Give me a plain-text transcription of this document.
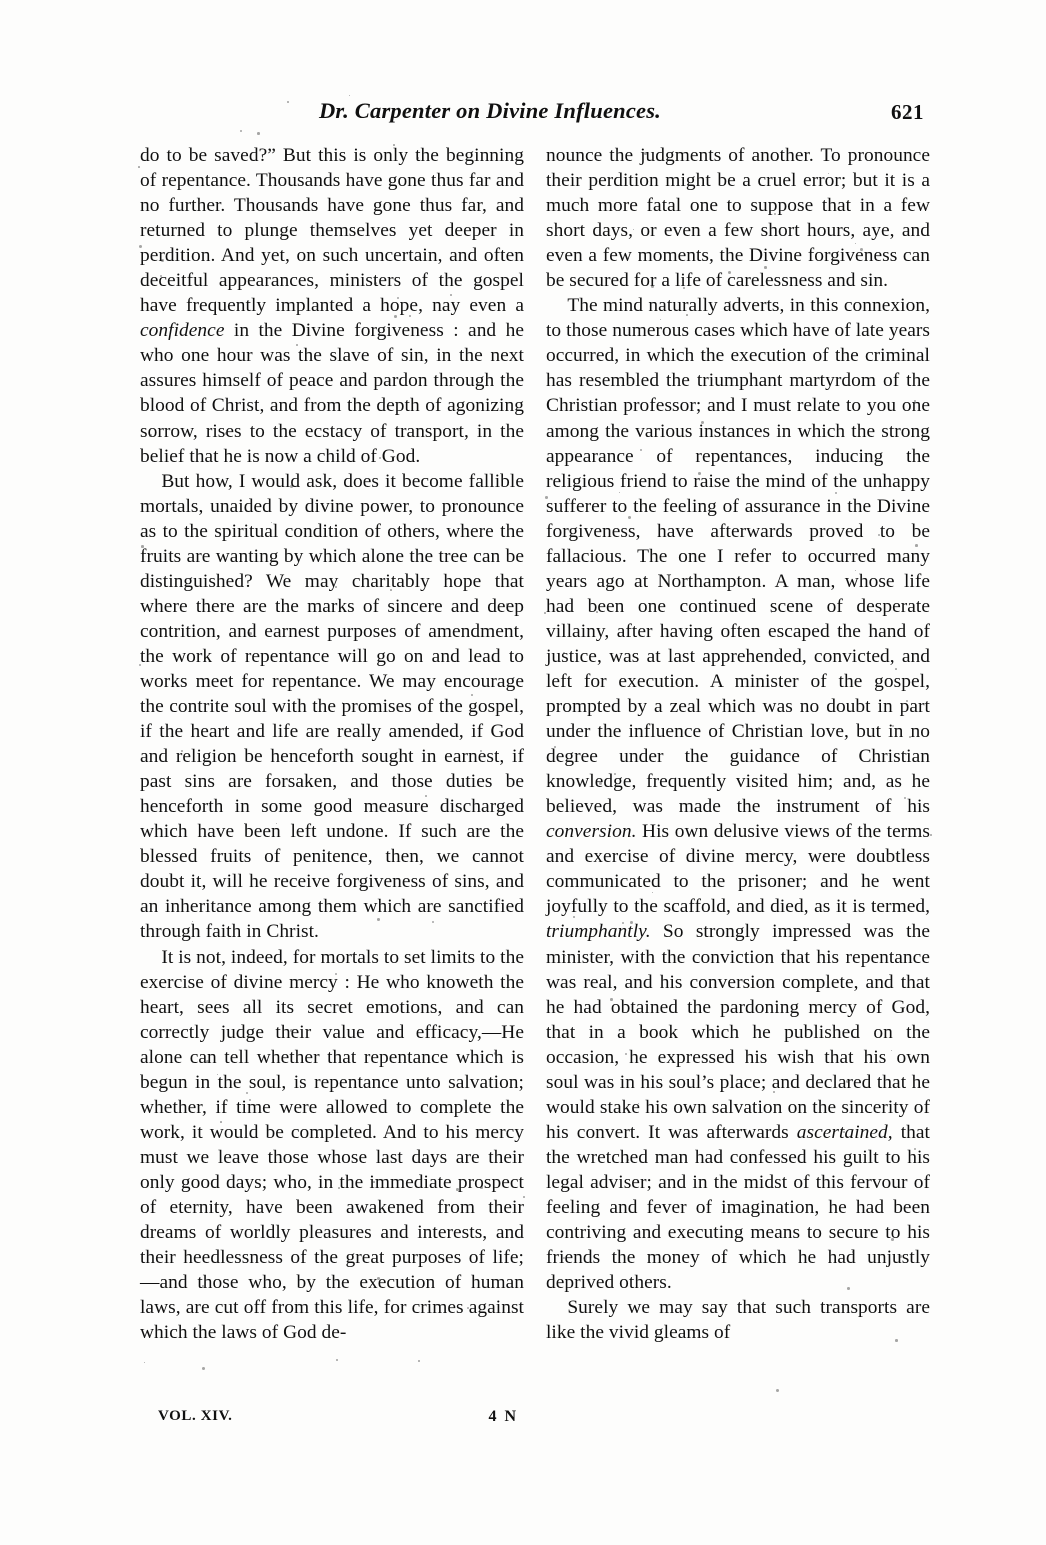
Dr. Carpenter on Divine Influences.	621

do to be saved?” But this is only the beginning of repentance. Thousands have gone thus far and no further. Thousands have gone thus far, and returned to plunge themselves yet deeper in perdition. And yet, on such uncertain, and often deceitful appearances, ministers of the gospel have frequently implanted a hope, nay even a confidence in the Divine forgiveness : and he who one hour was the slave of sin, in the next assures himself of peace and pardon through the blood of Christ, and from the depth of agonizing sorrow, rises to the ecstacy of transport, in the belief that he is now a child of God.

But how, I would ask, does it become fallible mortals, unaided by divine power, to pronounce as to the spiritual condition of others, where the fruits are wanting by which alone the tree can be distinguished? We may charitably hope that where there are the marks of sincere and deep contrition, and earnest purposes of amendment, the work of repentance will go on and lead to works meet for repentance. We may encourage the contrite soul with the promises of the gospel, if the heart and life are really amended, if God and religion be henceforth sought in earnest, if past sins are forsaken, and those duties be henceforth in some good measure discharged which have been left undone. If such are the blessed fruits of penitence, then, we cannot doubt it, will he receive forgiveness of sins, and an inheritance among them which are sanctified through faith in Christ.

It is not, indeed, for mortals to set limits to the exercise of divine mercy : He who knoweth the heart, sees all its secret emotions, and can correctly judge their value and efficacy,—He alone can tell whether that repentance which is begun in the soul, is repentance unto salvation; whether, if time were allowed to complete the work, it would be completed. And to his mercy must we leave those whose last days are their only good days; who, in the immediate prospect of eternity, have been awakened from their dreams of worldly pleasures and interests, and their heedlessness of the great purposes of life;—and those who, by the execution of human laws, are cut off from this life, for crimes against which the laws of God de-

nounce the judgments of another. To pronounce their perdition might be a cruel error; but it is a much more fatal one to suppose that in a few short days, or even a few short hours, aye, and even a few moments, the Divine forgiveness can be secured for a life of carelessness and sin.

The mind naturally adverts, in this connexion, to those numerous cases which have of late years occurred, in which the execution of the criminal has resembled the triumphant martyrdom of the Christian professor; and I must relate to you one among the various instances in which the strong appearance of repentances, inducing the religious friend to raise the mind of the unhappy sufferer to the feeling of assurance in the Divine forgiveness, have afterwards proved to be fallacious. The one I refer to occurred many years ago at Northampton. A man, whose life had been one continued scene of desperate villainy, after having often escaped the hand of justice, was at last apprehended, convicted, and left for execution. A minister of the gospel, prompted by a zeal which was no doubt in part under the influence of Christian love, but in no degree under the guidance of Christian knowledge, frequently visited him; and, as he believed, was made the instrument of his conversion. His own delusive views of the terms and exercise of divine mercy, were doubtless communicated to the prisoner; and he went joyfully to the scaffold, and died, as it is termed, triumphantly. So strongly impressed was the minister, with the conviction that his repentance was real, and his conversion complete, and that he had obtained the pardoning mercy of God, that in a book which he published on the occasion, he expressed his wish that his own soul was in his soul’s place; and declared that he would stake his own salvation on the sincerity of his convert. It was afterwards ascertained, that the wretched man had confessed his guilt to his legal adviser; and in the midst of this fervour of feeling and fever of imagination, he had been contriving and executing means to secure to his friends the money of which he had unjustly deprived others.

Surely we may say that such transports are like the vivid gleams of

VOL. XIV.	4 N
